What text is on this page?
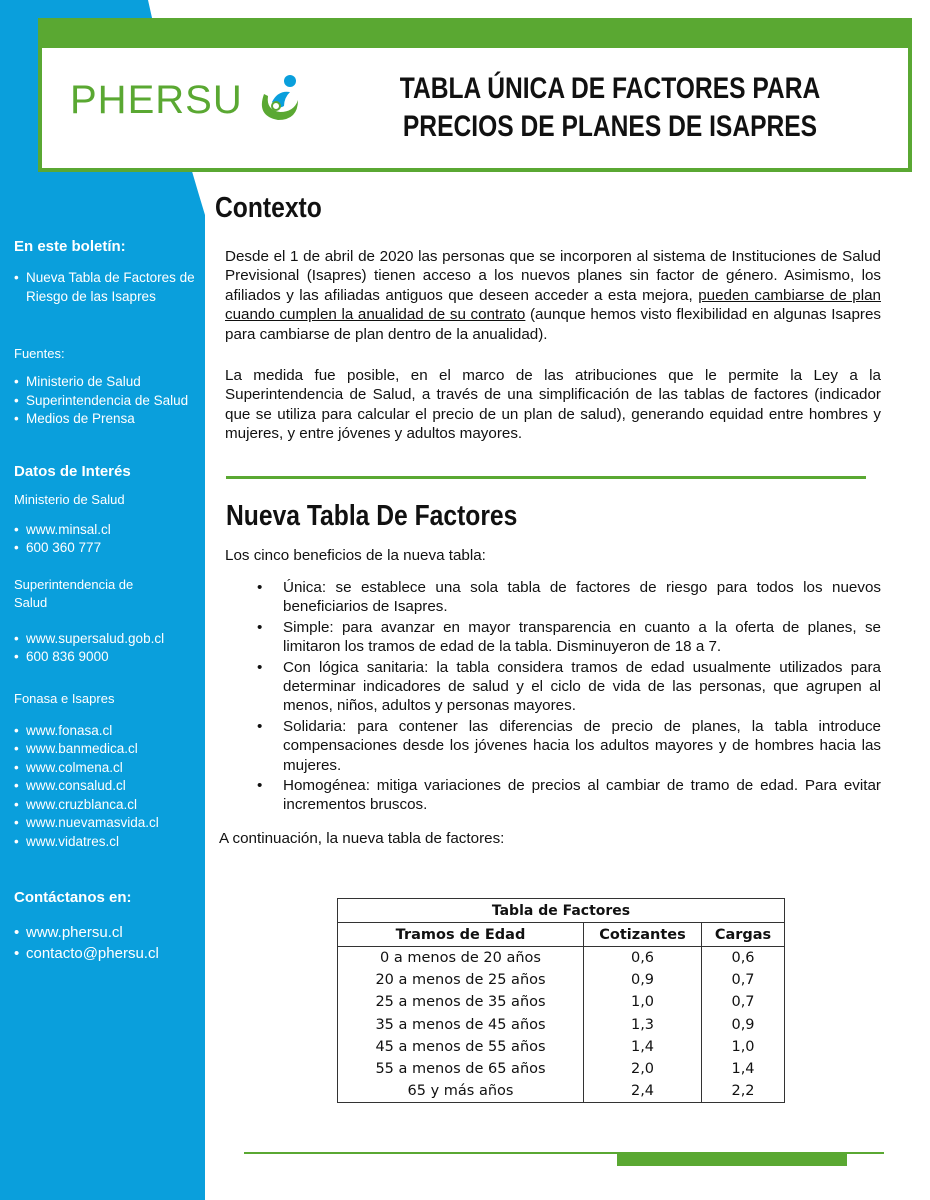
PHERSU	TABLA ÚNICA DE FACTORES PARA
PRECIOS DE PLANES DE ISAPRES
En este boletín:
• Nueva Tabla de Factores de Riesgo de las Isapres
Fuentes:
• Ministerio de Salud
• Superintendencia de Salud
• Medios de Prensa
Datos de Interés
Ministerio de Salud
• www.minsal.cl
• 600 360 777
Superintendencia de Salud
• www.supersalud.gob.cl
• 600 836 9000
Fonasa e Isapres
• www.fonasa.cl
• www.banmedica.cl
• www.colmena.cl
• www.consalud.cl
• www.cruzblanca.cl
• www.nuevamasvida.cl
• www.vidatres.cl
Contáctanos en:
• www.phersu.cl
• contacto@phersu.cl
Contexto

Desde el 1 de abril de 2020 las personas que se incorporen al sistema de Instituciones de Salud Previsional (Isapres) tienen acceso a los nuevos planes sin factor de género. Asimismo, los afiliados y las afiliadas antiguos que deseen acceder a esta mejora, pueden cambiarse de plan cuando cumplen la anualidad de su contrato (aunque hemos visto flexibilidad en algunas Isapres para cambiarse de plan dentro de la anualidad).

La medida fue posible, en el marco de las atribuciones que le permite la Ley a la Superintendencia de Salud, a través de una simplificación de las tablas de factores (indicador que se utiliza para calcular el precio de un plan de salud), generando equidad entre hombres y mujeres, y entre jóvenes y adultos mayores.

Nueva Tabla De Factores

Los cinco beneficios de la nueva tabla:

• Única: se establece una sola tabla de factores de riesgo para todos los nuevos beneficiarios de Isapres.
• Simple: para avanzar en mayor transparencia en cuanto a la oferta de planes, se limitaron los tramos de edad de la tabla. Disminuyeron de 18 a 7.
• Con lógica sanitaria: la tabla considera tramos de edad usualmente utilizados para determinar indicadores de salud y el ciclo de vida de las personas, que agrupen al menos, niños, adultos y personas mayores.
• Solidaria: para contener las diferencias de precio de planes, la tabla introduce compensaciones desde los jóvenes hacia los adultos mayores y de hombres hacia las mujeres.
• Homogénea: mitiga variaciones de precios al cambiar de tramo de edad. Para evitar incrementos bruscos.

A continuación, la nueva tabla de factores:

Tabla de Factores		
Tramos de Edad	Cotizantes	Cargas
0 a menos de 20 años	0,6	0,6
20 a menos de 25 años	0,9	0,7
25 a menos de 35 años	1,0	0,7
35 a menos de 45 años	1,3	0,9
45 a menos de 55 años	1,4	1,0
55 a menos de 65 años	2,0	1,4
65 y más años	2,4	2,2
